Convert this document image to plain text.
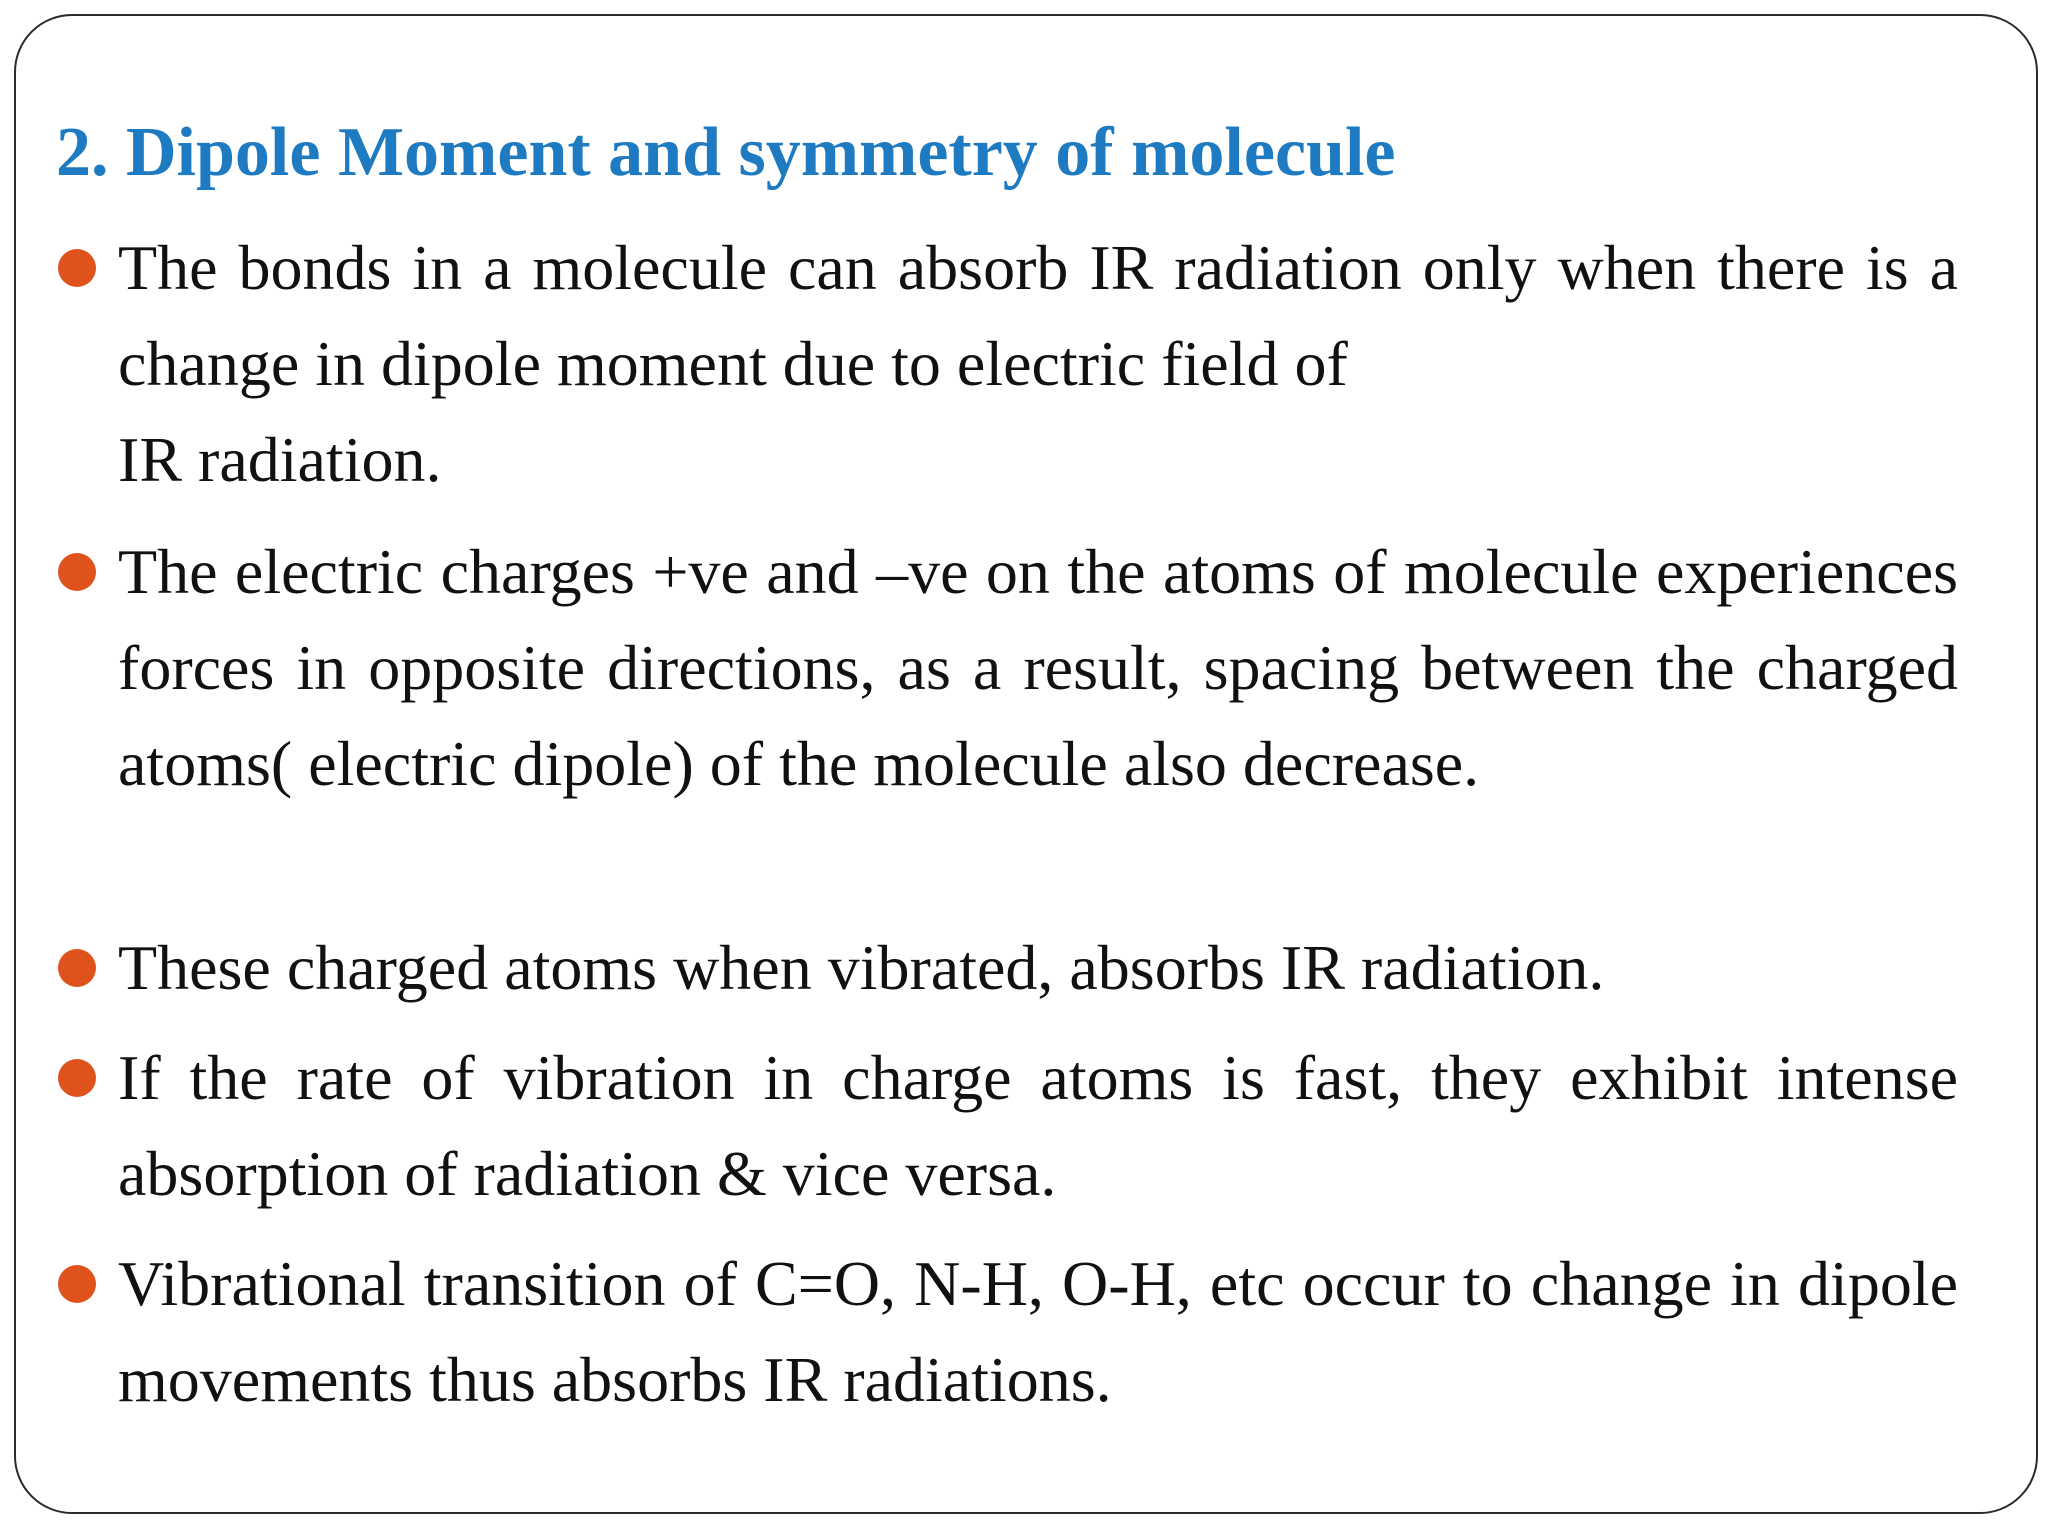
2. Dipole Moment and symmetry of molecule
The bonds in a molecule can absorb IR radiation only when there is a change in dipole moment due to electric field of
IR radiation.
The electric charges +ve and –ve on the atoms of molecule experiences forces in opposite directions, as a result, spacing between the charged atoms( electric dipole) of the molecule also decrease.
These charged atoms when vibrated, absorbs IR radiation.
If the rate of vibration in charge atoms is fast, they exhibit intense absorption of radiation & vice versa.
Vibrational transition of C=O, N-H, O-H, etc occur to change in dipole movements thus absorbs IR radiations.
